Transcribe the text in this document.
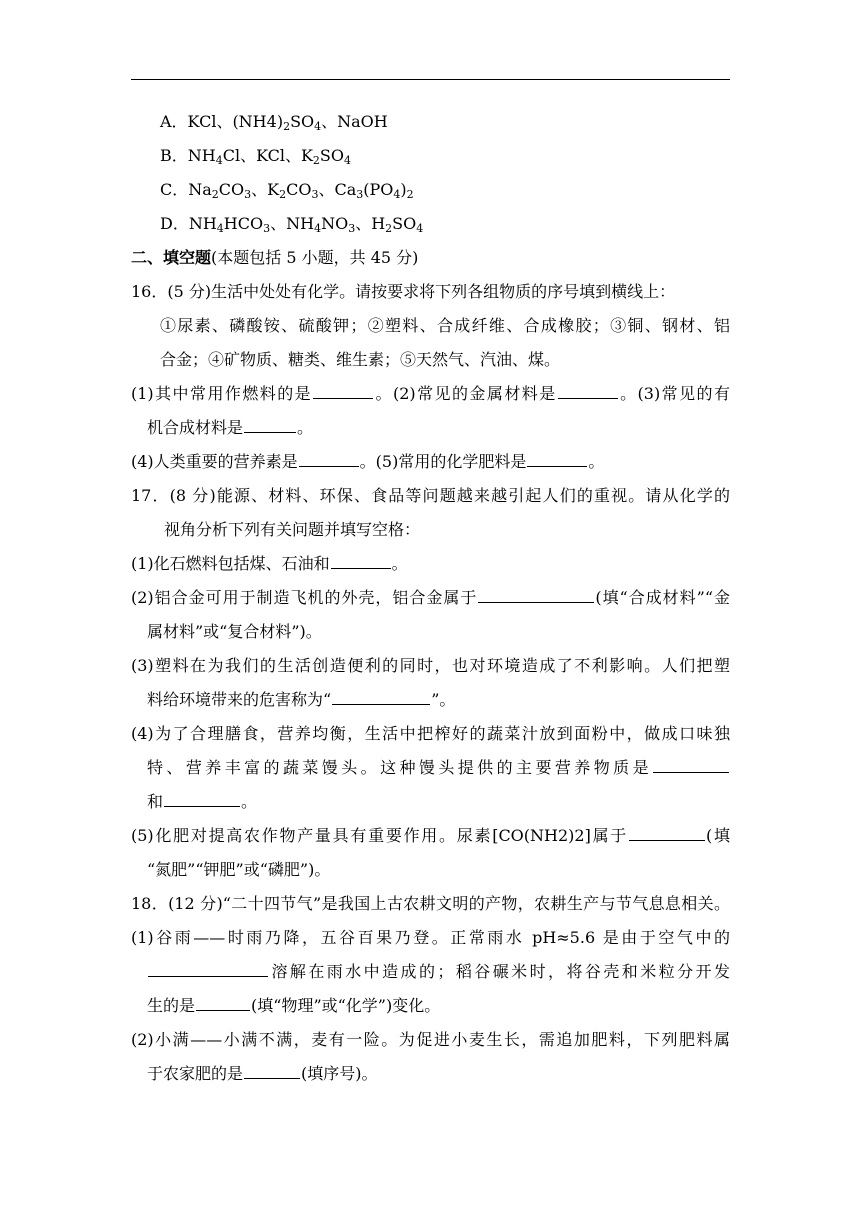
A．KCl、$(NH4)_2SO_4$、NaOH
B．$NH_4Cl$、KCl、$K_2SO_4$
C．$Na_2CO_3$、$K_2CO_3$、$Ca_3(PO_4)_2$
D．$NH_4HCO_3$、$NH_4NO_3$、$H_2SO_4$
二、填空题(本题包括 5 小题，共 45 分)
16．(5 分)生活中处处有化学。请按要求将下列各组物质的序号填到横线上：
①尿素、磷酸铵、硫酸钾；②塑料、合成纤维、合成橡胶；③铜、钢材、铝
合金；④矿物质、糖类、维生素；⑤天然气、汽油、煤。
(1)其中常用作燃料的是	。(2)常见的金属材料是	。(3)常见的有
机合成材料是	。
(4)人类重要的营养素是	。(5)常用的化学肥料是	。
17．(8 分)能源、材料、环保、食品等问题越来越引起人们的重视。请从化学的
视角分析下列有关问题并填写空格：
(1)化石燃料包括煤、石油和	。
(2)铝合金可用于制造飞机的外壳，铝合金属于	(填“合成材料”“金
属材料”或“复合材料”)。
(3)塑料在为我们的生活创造便利的同时，也对环境造成了不利影响。人们把塑
料给环境带来的危害称为“	”。
(4)为了合理膳食，营养均衡，生活中把榨好的蔬菜汁放到面粉中，做成口味独
特、营养丰富的蔬菜馒头。这种馒头提供的主要营养物质是
和	。
(5)化肥对提高农作物产量具有重要作用。尿素[CO(NH2)2]属于	(填
“氮肥”“钾肥”或“磷肥”)。
18．(12 分)“二十四节气”是我国上古农耕文明的产物，农耕生产与节气息息相关。
(1)谷雨——时雨乃降，五谷百果乃登。正常雨水 pH≈5.6 是由于空气中的
溶解在雨水中造成的；稻谷碾米时，将谷壳和米粒分开发
生的是	(填“物理”或“化学”)变化。
(2)小满——小满不满，麦有一险。为促进小麦生长，需追加肥料，下列肥料属
于农家肥的是	(填序号)。
